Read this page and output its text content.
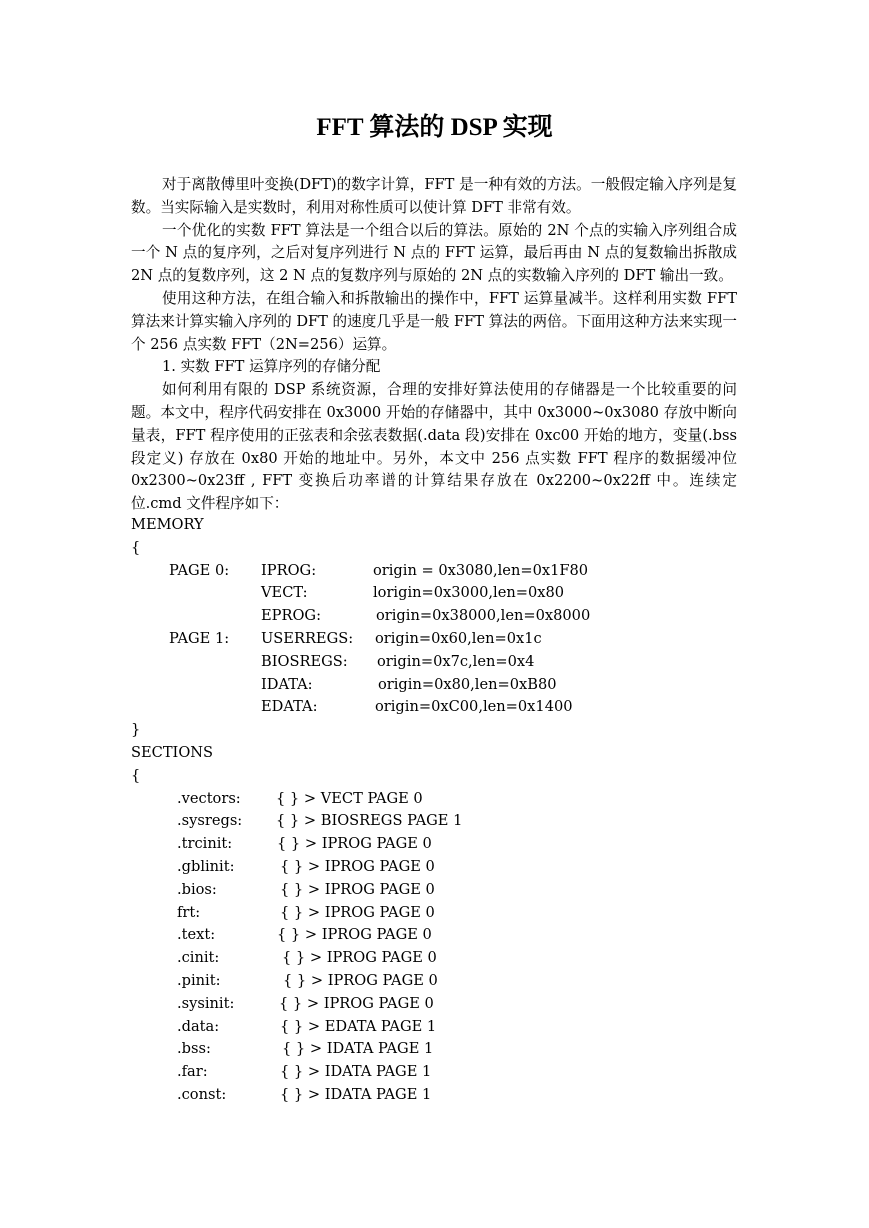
FFT 算法的 DSP 实现

对于离散傅里叶变换(DFT)的数字计算，FFT 是一种有效的方法。一般假定输入序列是复数。当实际输入是实数时，利用对称性质可以使计算 DFT 非常有效。

一个优化的实数 FFT 算法是一个组合以后的算法。原始的 2N 个点的实输入序列组合成一个 N 点的复序列，之后对复序列进行 N 点的 FFT 运算，最后再由 N 点的复数输出拆散成 2N 点的复数序列，这 2 N 点的复数序列与原始的 2N 点的实数输入序列的 DFT 输出一致。

使用这种方法，在组合输入和拆散输出的操作中，FFT 运算量减半。这样利用实数 FFT 算法来计算实输入序列的 DFT 的速度几乎是一般 FFT 算法的两倍。下面用这种方法来实现一个 256 点实数 FFT（2N=256）运算。

1. 实数 FFT 运算序列的存储分配

如何利用有限的 DSP 系统资源，合理的安排好算法使用的存储器是一个比较重要的问题。本文中，程序代码安排在 0x3000 开始的存储器中，其中 0x3000~0x3080 存放中断向量表，FFT 程序使用的正弦表和余弦表数据(.data 段)安排在 0xc00 开始的地方，变量(.bss 段定义) 存放在 0x80 开始的地址中。另外，本文中 256 点实数 FFT 程序的数据缓冲位 0x2300~0x23ff , FFT 变换后功率谱的计算结果存放在 0x2200~0x22ff 中。连续定位.cmd 文件程序如下：

MEMORY
{
PAGE 0: IPROG:	origin = 0x3080,len=0x1F80
VECT:	lorigin=0x3000,len=0x80
EPROG:	origin=0x38000,len=0x8000
PAGE 1: USERREGS: origin=0x60,len=0x1c
BIOSREGS: origin=0x7c,len=0x4
IDATA:	origin=0x80,len=0xB80
EDATA:	origin=0xC00,len=0x1400
}
SECTIONS
{
.vectors: { } > VECT PAGE 0
.sysregs: { } > BIOSREGS PAGE 1
.trcinit:	{ } > IPROG PAGE 0
.gblinit:	{ } > IPROG PAGE 0
.bios:	{ } > IPROG PAGE 0
frt:	{ } > IPROG PAGE 0
.text:	{ } > IPROG PAGE 0
.cinit:	{ } > IPROG PAGE 0
.pinit:	{ } > IPROG PAGE 0
.sysinit:	{ } > IPROG PAGE 0
.data:	{ } > EDATA PAGE 1
.bss:	{ } > IDATA PAGE 1
.far:	{ } > IDATA PAGE 1
.const:	{ } > IDATA PAGE 1
